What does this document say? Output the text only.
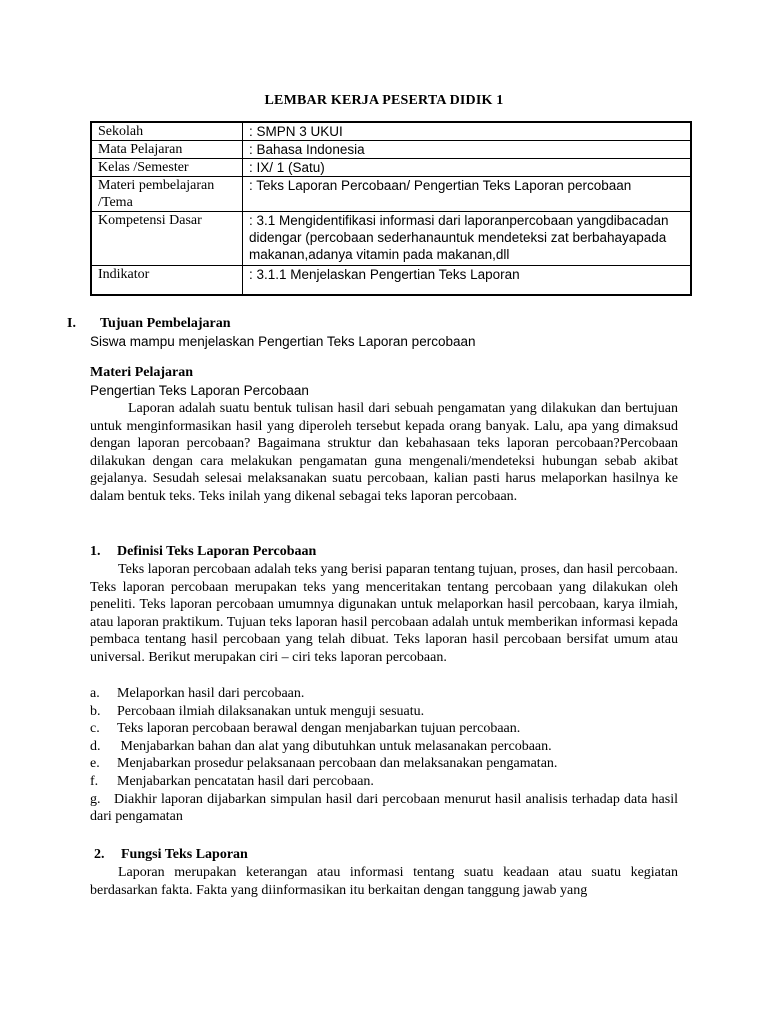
LEMBAR KERJA PESERTA DIDIK 1
Sekolah	: SMPN 3 UKUI
Mata Pelajaran	: Bahasa Indonesia
Kelas /Semester	: IX/ 1 (Satu)
Materi pembelajaran /Tema	: Teks Laporan Percobaan/ Pengertian Teks Laporan percobaan
Kompetensi Dasar	: 3.1 Mengidentifikasi informasi dari laporanpercobaan yangdibacadan didengar (percobaan sederhanauntuk mendeteksi zat berbahayapada makanan,adanya vitamin pada makanan,dll
Indikator	: 3.1.1 Menjelaskan Pengertian Teks Laporan

I. Tujuan Pembelajaran

Siswa mampu menjelaskan Pengertian Teks Laporan percobaan
Materi Pelajaran
Pengertian Teks Laporan Percobaan
Laporan adalah suatu bentuk tulisan hasil dari sebuah pengamatan yang dilakukan dan bertujuan untuk menginformasikan hasil yang diperoleh tersebut kepada orang banyak. Lalu, apa yang dimaksud dengan laporan percobaan? Bagaimana struktur dan kebahasaan teks laporan percobaan?Percobaan dilakukan dengan cara melakukan pengamatan guna mengenali/mendeteksi hubungan sebab akibat gejalanya. Sesudah selesai melaksanakan suatu percobaan, kalian pasti harus melaporkan hasilnya ke dalam bentuk teks. Teks inilah yang dikenal sebagai teks laporan percobaan.
1. Definisi Teks Laporan Percobaan
Teks laporan percobaan adalah teks yang berisi paparan tentang tujuan, proses, dan hasil percobaan. Teks laporan percobaan merupakan teks yang menceritakan tentang percobaan yang dilakukan oleh peneliti. Teks laporan percobaan umumnya digunakan untuk melaporkan hasil percobaan, karya ilmiah, atau laporan praktikum. Tujuan teks laporan hasil percobaan adalah untuk memberikan informasi kepada pembaca tentang hasil percobaan yang telah dibuat. Teks laporan hasil percobaan bersifat umum atau universal. Berikut merupakan ciri – ciri teks laporan percobaan.

a. Melaporkan hasil dari percobaan.

b. Percobaan ilmiah dilaksanakan untuk menguji sesuatu.

c. Teks laporan percobaan berawal dengan menjabarkan tujuan percobaan.

d. Menjabarkan bahan dan alat yang dibutuhkan untuk melasanakan percobaan.

e. Menjabarkan prosedur pelaksanaan percobaan dan melaksanakan pengamatan.

f. Menjabarkan pencatatan hasil dari percobaan.

g. Diakhir laporan dijabarkan simpulan hasil dari percobaan menurut hasil analisis terhadap data hasil dari pengamatan

2. Fungsi Teks Laporan
Laporan merupakan keterangan atau informasi tentang suatu keadaan atau suatu kegiatan berdasarkan fakta. Fakta yang diinformasikan itu berkaitan dengan tanggung jawab yang
